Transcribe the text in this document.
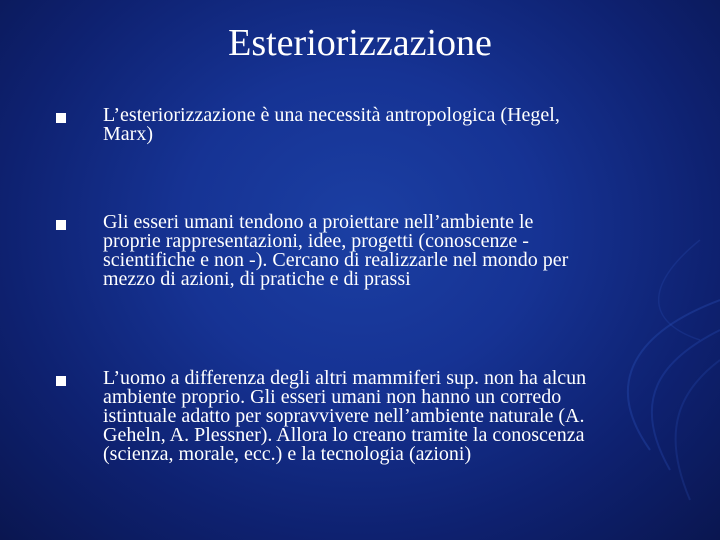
Esteriorizzazione
L’esteriorizzazione è una necessità antropologica (Hegel,
Marx)
Gli esseri umani tendono a proiettare nell’ambiente le
proprie rappresentazioni, idee, progetti (conoscenze -
scientifiche e non -). Cercano di realizzarle nel mondo per
mezzo di azioni, di pratiche e di prassi
L’uomo a differenza degli altri mammiferi sup. non ha alcun
ambiente proprio. Gli esseri umani non hanno un corredo
istintuale adatto per sopravvivere nell’ambiente naturale (A.
Geheln, A. Plessner). Allora lo creano tramite la conoscenza
(scienza, morale, ecc.) e la tecnologia (azioni)
